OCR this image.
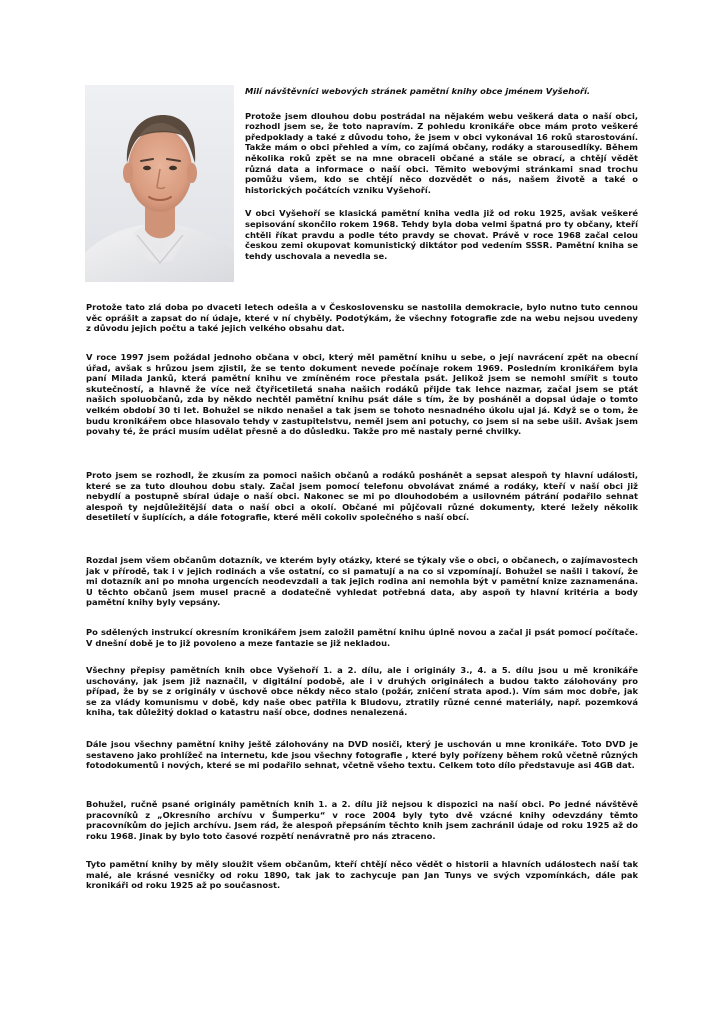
Milí návštěvníci webových stránek pamětní knihy obce jménem Vyšehoří.

Protože jsem dlouhou dobu postrádal na nějakém webu veškerá data o naší obci, rozhodl jsem se, že toto napravím. Z pohledu kronikáře obce mám proto veškeré předpoklady a také z důvodu toho, že jsem v obci vykonával 16 roků starostování. Takže mám o obci přehled a vím, co zajímá občany, rodáky a starousedlíky. Během několika roků zpět se na mne obraceli občané a stále se obrací, a chtějí vědět různá data a informace o naší obci. Těmito webovými stránkami snad trochu pomůžu všem, kdo se chtějí něco dozvědět o nás, našem životě a také o historických počátcích vzniku Vyšehoří.

V obci Vyšehoří se klasická pamětní kniha vedla již od roku 1925, avšak veškeré sepisování skončilo rokem 1968. Tehdy byla doba velmi špatná pro ty občany, kteří chtěli říkat pravdu a podle této pravdy se chovat. Právě v roce 1968 začal celou českou zemi okupovat komunistický diktátor pod vedením SSSR. Pamětní kniha se tehdy uschovala a nevedla se.

Protože tato zlá doba po dvaceti letech odešla a v Československu se nastolila demokracie, bylo nutno tuto cennou věc oprášit a zapsat do ní údaje, které v ní chyběly. Podotýkám, že všechny fotografie zde na webu nejsou uvedeny z důvodu jejich počtu a také jejich velkého obsahu dat.

V roce 1997 jsem požádal jednoho občana v obci, který měl pamětní knihu u sebe, o její navrácení zpět na obecní úřad, avšak s hrůzou jsem zjistil, že se tento dokument nevede počínaje rokem 1969. Posledním kronikářem byla paní Milada Janků, která pamětní knihu ve zmíněném roce přestala psát. Jelikož jsem se nemohl smířit s touto skutečností, a hlavně že více než čtyřicetiletá snaha našich rodáků přijde tak lehce nazmar, začal jsem se ptát našich spoluobčanů, zda by někdo nechtěl pamětní knihu psát dále s tím, že by posháněl a dopsal údaje o tomto velkém období 30 ti let. Bohužel se nikdo nenašel a tak jsem se tohoto nesnadného úkolu ujal já. Když se o tom, že budu kronikářem obce hlasovalo tehdy v zastupitelstvu, neměl jsem ani potuchy, co jsem si na sebe ušil. Avšak jsem povahy té, že práci musím udělat přesně a do důsledku. Takže pro mě nastaly perné chvilky.

Proto jsem se rozhodl, že zkusím za pomoci našich občanů a rodáků poshánět a sepsat alespoň ty hlavní události, které se za tuto dlouhou dobu staly. Začal jsem pomocí telefonu obvolávat známé a rodáky, kteří v naší obci již nebydlí a postupně sbíral údaje o naší obci. Nakonec se mi po dlouhodobém a usilovném pátrání podařilo sehnat alespoň ty nejdůležitější data o naší obci a okolí. Občané mi půjčovali různé dokumenty, které ležely několik desetiletí v šuplících, a dále fotografie, které měli cokoliv společného s naší obcí.

Rozdal jsem všem občanům dotazník, ve kterém byly otázky, které se týkaly vše o obci, o občanech, o zajímavostech jak v přírodě, tak i v jejich rodinách a vše ostatní, co si pamatují a na co si vzpomínají. Bohužel se našli i takoví, že mi dotazník ani po mnoha urgencích neodevzdali a tak jejich rodina ani nemohla být v pamětní knize zaznamenána. U těchto občanů jsem musel pracně a dodatečně vyhledat potřebná data, aby aspoň ty hlavní kritéria a body pamětní knihy byly vepsány.

Po sdělených instrukcí okresním kronikářem jsem založil pamětní knihu úplně novou a začal ji psát pomocí počítače. V dnešní době je to již povoleno a meze fantazie se již nekladou.

Všechny přepisy pamětních knih obce Vyšehoří 1. a 2. dílu, ale i originály 3., 4. a 5. dílu jsou u mě kronikáře uschovány, jak jsem již naznačil, v digitální podobě, ale i v druhých originálech a budou takto zálohovány pro případ, že by se z originály v úschově obce někdy něco stalo (požár, zničení strata apod.). Vím sám moc dobře, jak se za vlády komunismu v době, kdy naše obec patřila k Bludovu, ztratily různé cenné materiály, např. pozemková kniha, tak důležitý doklad o katastru naší obce, dodnes nenalezená.

Dále jsou všechny pamětní knihy ještě zálohovány na DVD nosiči, který je uschován u mne kronikáře. Toto DVD je sestaveno jako prohlížeč na internetu, kde jsou všechny fotografie , které byly pořízeny během roků včetně různých fotodokumentů i nových, které se mi podařilo sehnat, včetně všeho textu. Celkem toto dílo představuje asi 4GB dat.

Bohužel, ručně psané originály pamětních knih 1. a 2. dílu již nejsou k dispozici na naší obci. Po jedné návštěvě pracovníků z „Okresního archívu v Šumperku“ v roce 2004 byly tyto dvě vzácné knihy odevzdány těmto pracovníkům do jejich archívu. Jsem rád, že alespoň přepsáním těchto knih jsem zachránil údaje od roku 1925 až do roku 1968. Jinak by bylo toto časové rozpětí nenávratně pro nás ztraceno.

Tyto pamětní knihy by měly sloužit všem občanům, kteří chtějí něco vědět o historii a hlavních událostech naší tak malé, ale krásné vesničky od roku 1890, tak jak to zachycuje pan Jan Tunys ve svých vzpomínkách, dále pak kronikáři od roku 1925 až po současnost.
